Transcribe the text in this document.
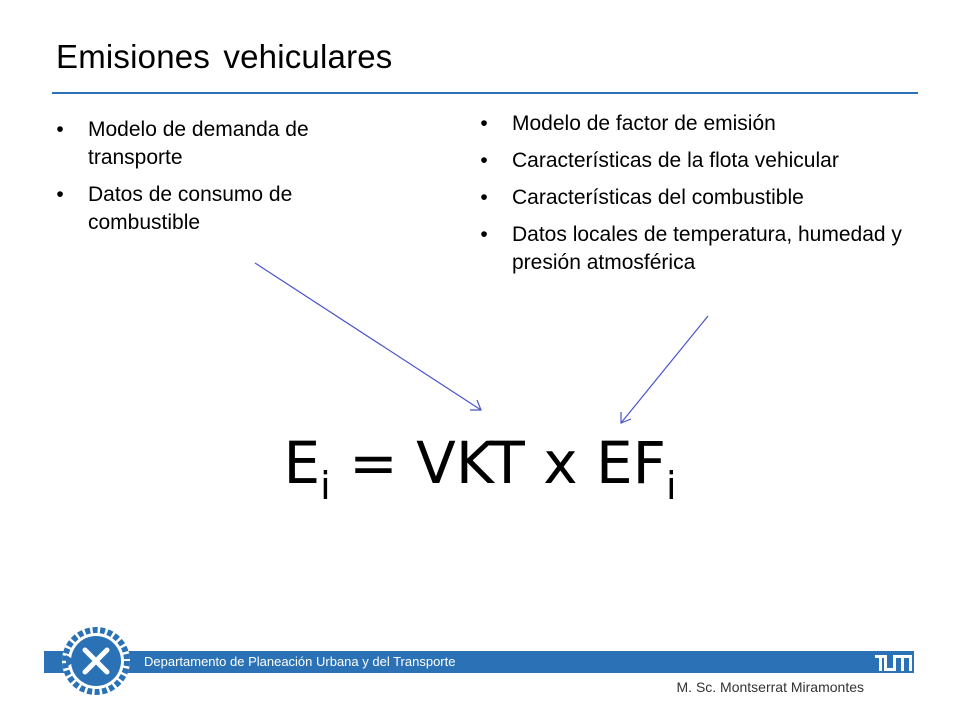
Emisiones vehiculares
•	Modelo de demanda de transporte
•	Datos de consumo de combustible
•	Modelo de factor de emisión
•	Características de la flota vehicular
•	Características del combustible
•	Datos locales de temperatura, humedad y presión atmosférica
$E_i$ = VKT x $EF_i$
Departamento de Planeación Urbana y del Transporte
M. Sc. Montserrat Miramontes
